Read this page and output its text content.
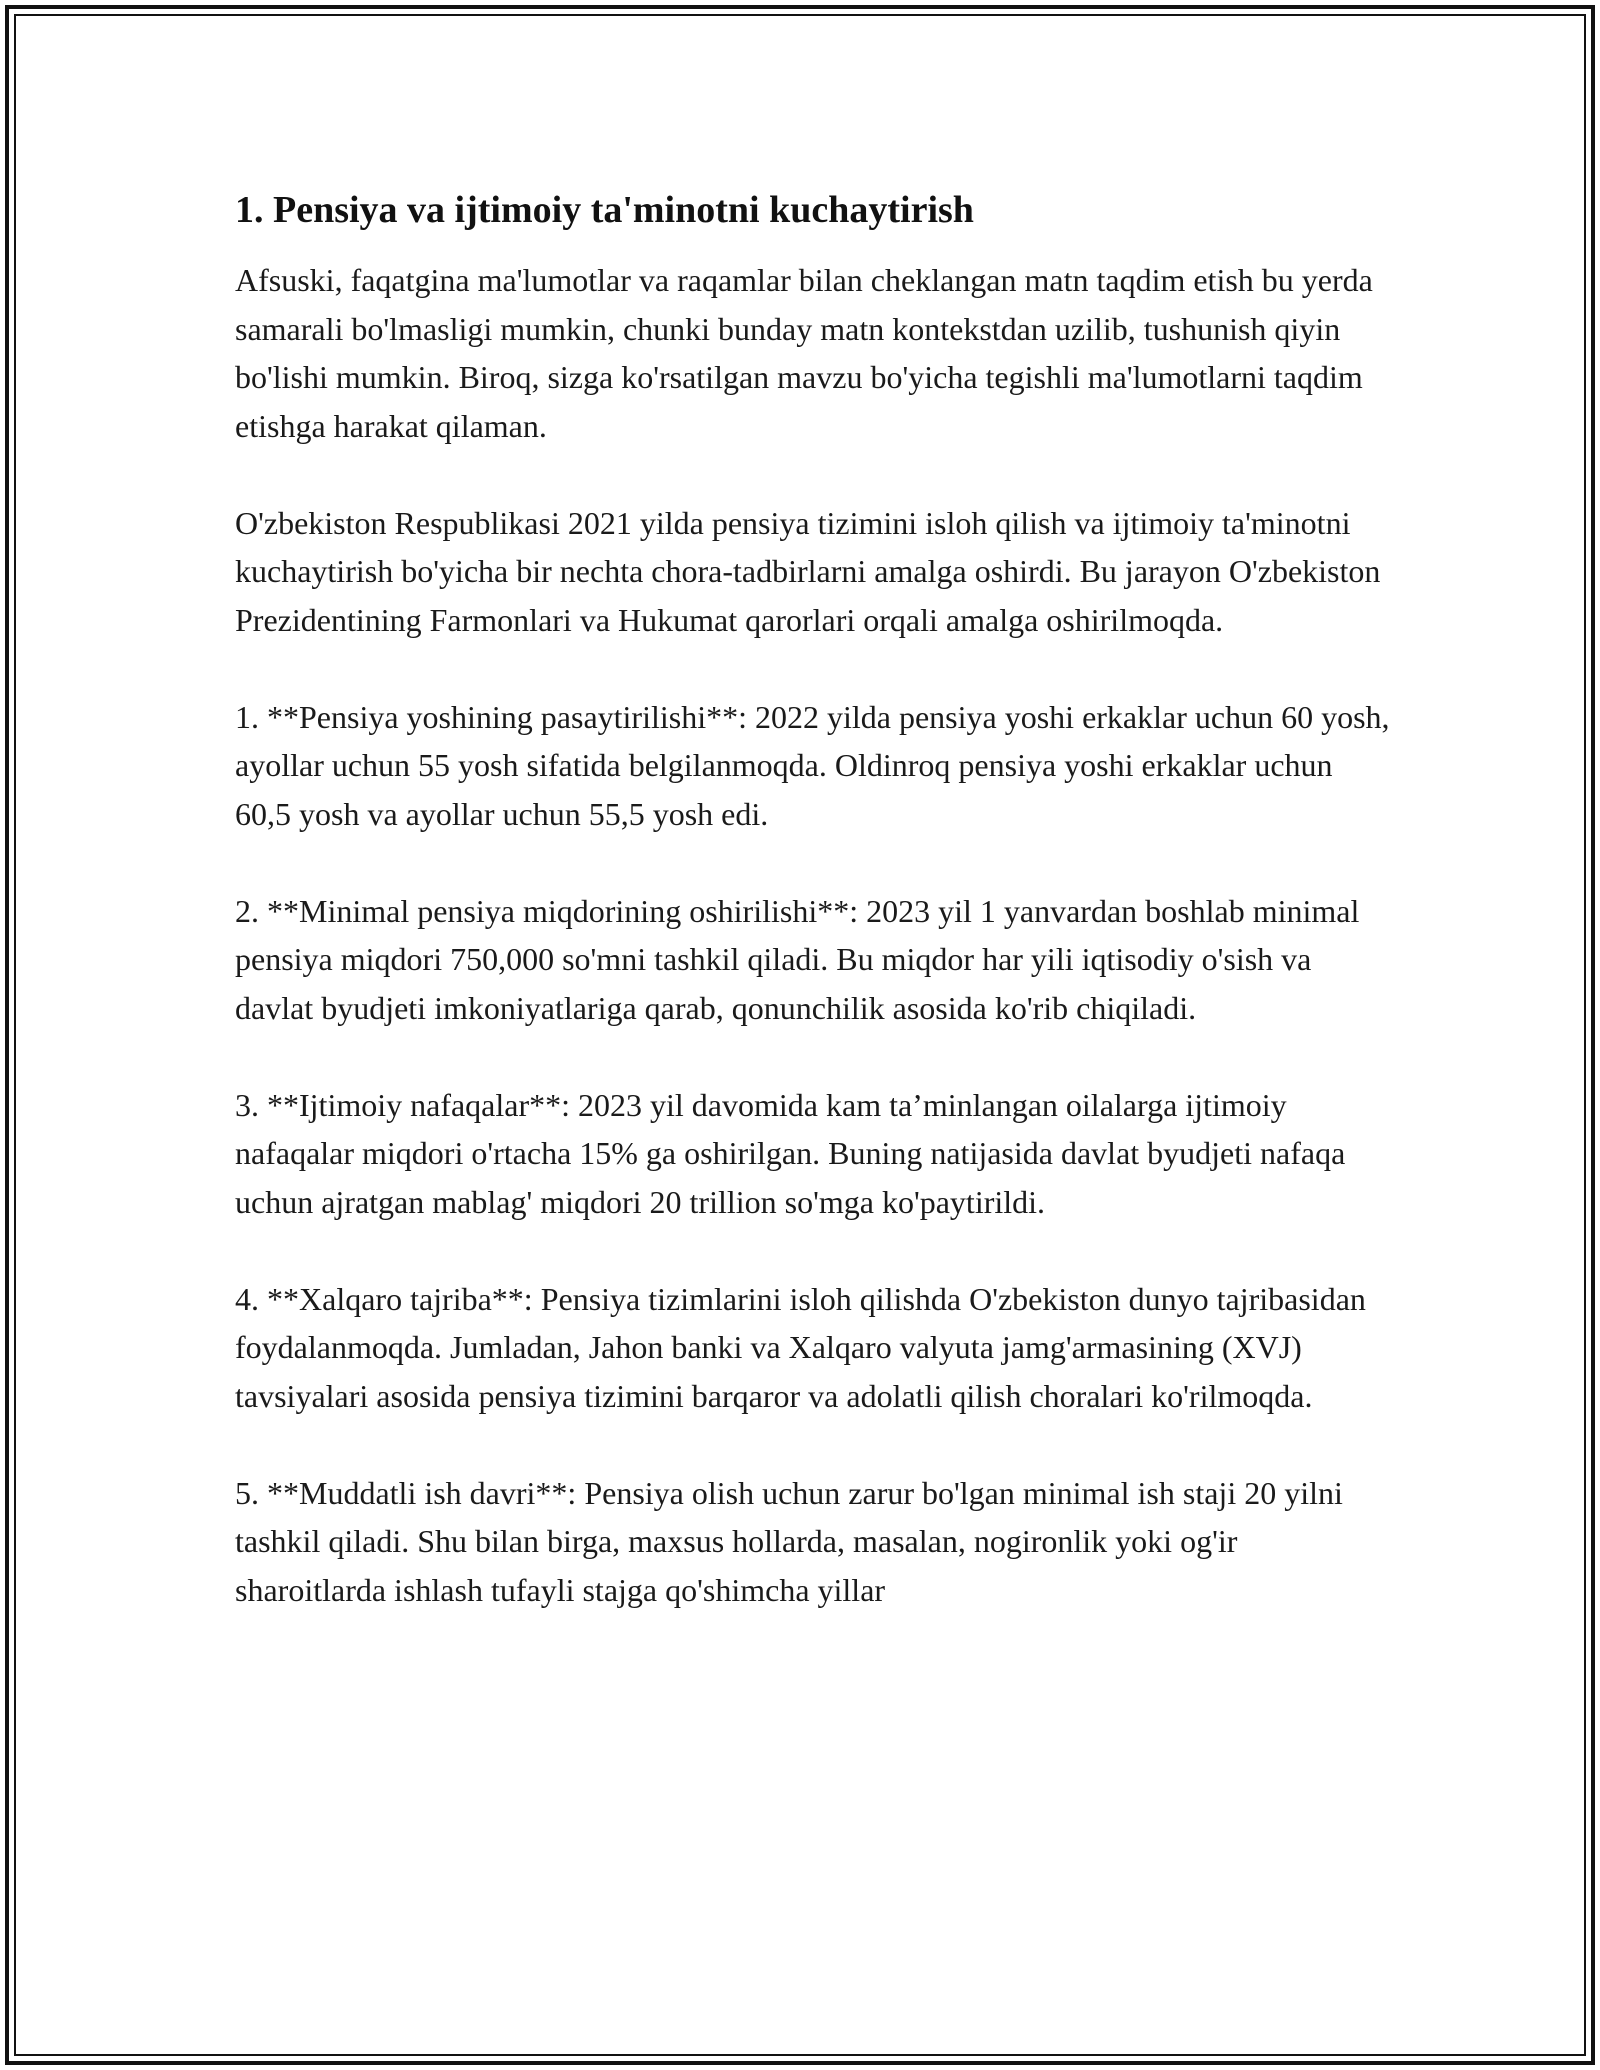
1. Pensiya va ijtimoiy ta'minotni kuchaytirish

Afsuski, faqatgina ma'lumotlar va raqamlar bilan cheklangan matn taqdim etish bu yerda samarali bo'lmasligi mumkin, chunki bunday matn kontekstdan uzilib, tushunish qiyin bo'lishi mumkin. Biroq, sizga ko'rsatilgan mavzu bo'yicha tegishli ma'lumotlarni taqdim etishga harakat qilaman.

O'zbekiston Respublikasi 2021 yilda pensiya tizimini isloh qilish va ijtimoiy ta'minotni kuchaytirish bo'yicha bir nechta chora-tadbirlarni amalga oshirdi. Bu jarayon O'zbekiston Prezidentining Farmonlari va Hukumat qarorlari orqali amalga oshirilmoqda.

1. **Pensiya yoshining pasaytirilishi**: 2022 yilda pensiya yoshi erkaklar uchun 60 yosh, ayollar uchun 55 yosh sifatida belgilanmoqda. Oldinroq pensiya yoshi erkaklar uchun 60,5 yosh va ayollar uchun 55,5 yosh edi.

2. **Minimal pensiya miqdorining oshirilishi**: 2023 yil 1 yanvardan boshlab minimal pensiya miqdori 750,000 so'mni tashkil qiladi. Bu miqdor har yili iqtisodiy o'sish va davlat byudjeti imkoniyatlariga qarab, qonunchilik asosida ko'rib chiqiladi.

3. **Ijtimoiy nafaqalar**: 2023 yil davomida kam ta’minlangan oilalarga ijtimoiy nafaqalar miqdori o'rtacha 15% ga oshirilgan. Buning natijasida davlat byudjeti nafaqa uchun ajratgan mablag' miqdori 20 trillion so'mga ko'paytirildi.

4. **Xalqaro tajriba**: Pensiya tizimlarini isloh qilishda O'zbekiston dunyo tajribasidan foydalanmoqda. Jumladan, Jahon banki va Xalqaro valyuta jamg'armasining (XVJ) tavsiyalari asosida pensiya tizimini barqaror va adolatli qilish choralari ko'rilmoqda.

5. **Muddatli ish davri**: Pensiya olish uchun zarur bo'lgan minimal ish staji 20 yilni tashkil qiladi. Shu bilan birga, maxsus hollarda, masalan, nogironlik yoki og'ir sharoitlarda ishlash tufayli stajga qo'shimcha yillar
